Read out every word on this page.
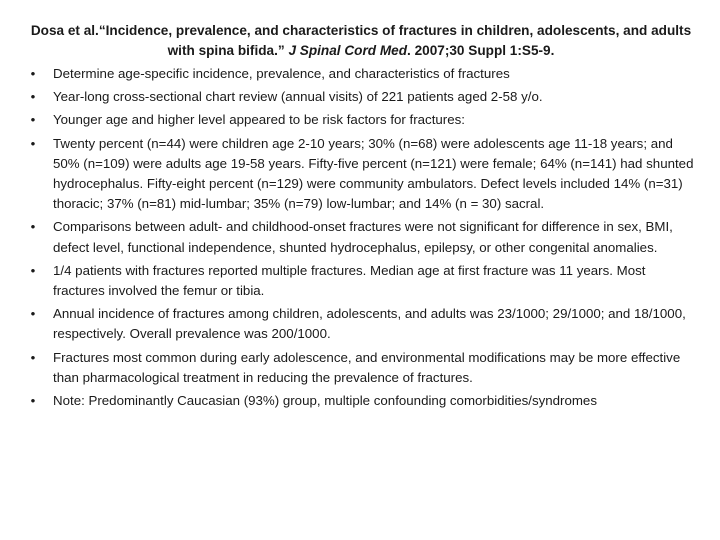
Dosa et al.“Incidence, prevalence, and characteristics of fractures in children, adolescents, and adults with spina bifida.” J Spinal Cord Med. 2007;30 Suppl 1:S5-9.
• Determine age-specific incidence, prevalence, and characteristics of fractures
• Year-long cross-sectional chart review (annual visits) of 221 patients aged 2-58 y/o.
• Younger age and higher level appeared to be risk factors for fractures:
• Twenty percent (n=44) were children age 2-10 years; 30% (n=68) were adolescents age 11-18 years; and 50% (n=109) were adults age 19-58 years. Fifty-five percent (n=121) were female; 64% (n=141) had shunted hydrocephalus. Fifty-eight percent (n=129) were community ambulators. Defect levels included 14% (n=31) thoracic; 37% (n=81) mid-lumbar; 35% (n=79) low-lumbar; and 14% (n = 30) sacral.
• Comparisons between adult- and childhood-onset fractures were not significant for difference in sex, BMI, defect level, functional independence, shunted hydrocephalus, epilepsy, or other congenital anomalies.
• 1/4 patients with fractures reported multiple fractures. Median age at first fracture was 11 years. Most fractures involved the femur or tibia.
• Annual incidence of fractures among children, adolescents, and adults was 23/1000; 29/1000; and 18/1000, respectively. Overall prevalence was 200/1000.
• Fractures most common during early adolescence, and environmental modifications may be more effective than pharmacological treatment in reducing the prevalence of fractures.
• Note: Predominantly Caucasian (93%) group, multiple confounding comorbidities/syndromes
